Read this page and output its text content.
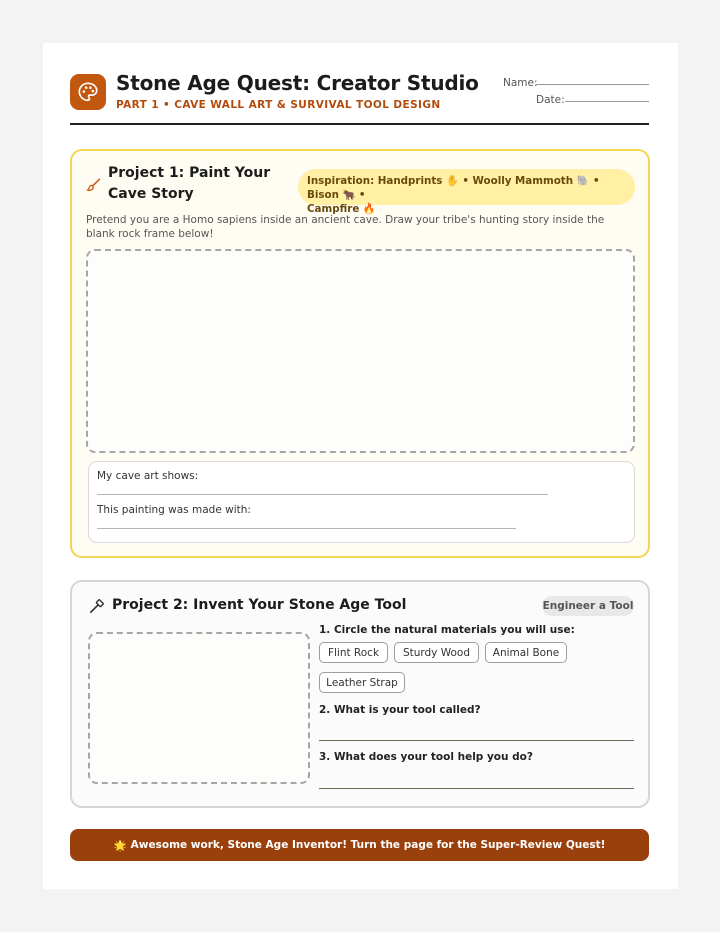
Stone Age Quest: Creator Studio
PART 1 • CAVE WALL ART & SURVIVAL TOOL DESIGN
Name:
Date:
Project 1: Paint Your Cave Story
Inspiration: Handprints ✋ • Woolly Mammoth 🐘 • Bison 🐂 •
Campfire 🔥
Pretend you are a Homo sapiens inside an ancient cave. Draw your tribe's hunting story inside the blank rock frame below!
My cave art shows:
This painting was made with:
Project 2: Invent Your Stone Age Tool	Engineer a Tool
1. Circle the natural materials you will use:
Flint Rock	Sturdy Wood	Animal Bone
Leather Strap
2. What is your tool called?
3. What does your tool help you do?
🌟 Awesome work, Stone Age Inventor! Turn the page for the Super-Review Quest!
